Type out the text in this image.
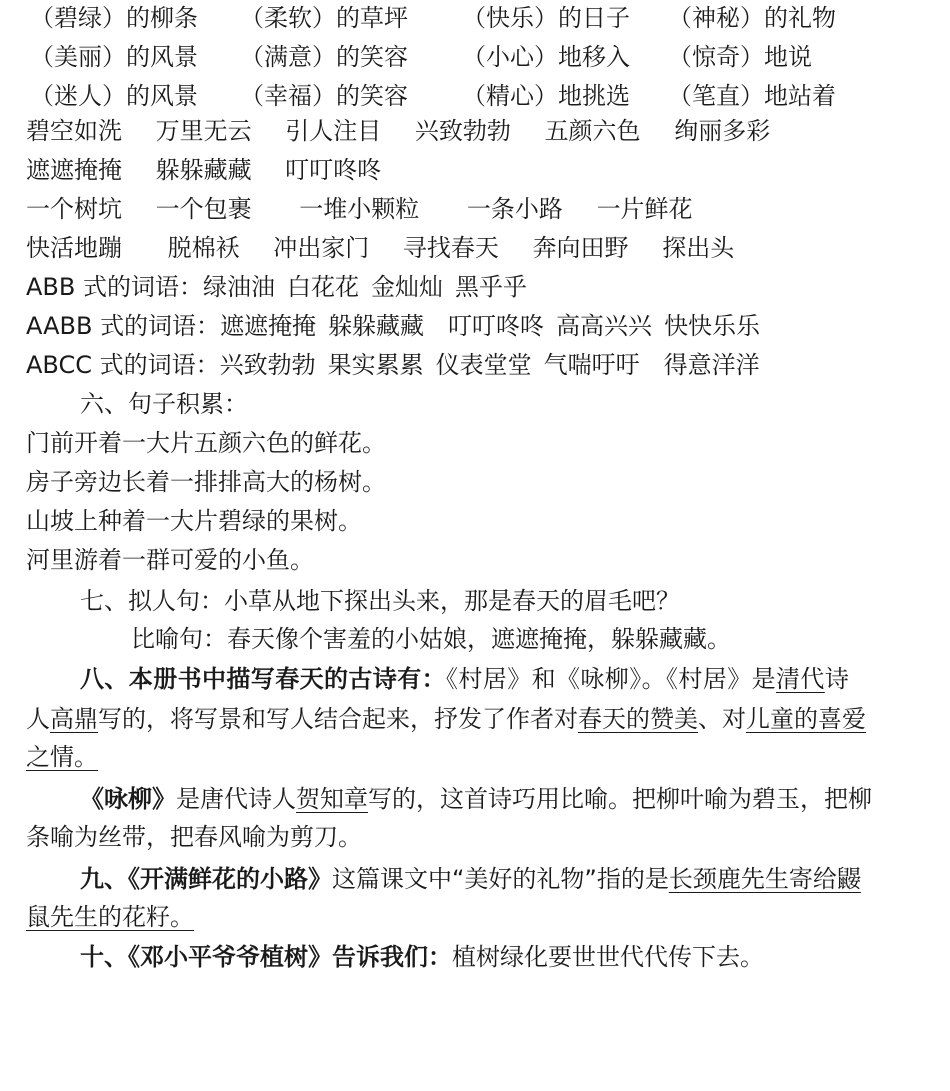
（碧绿）的柳条 （柔软）的草坪 （快乐）的日子 （神秘）的礼物
（美丽）的风景 （满意）的笑容 （小心）地移入 （惊奇）地说
（迷人）的风景 （幸福）的笑容 （精心）地挑选 （笔直）地站着
碧空如洗 万里无云 引人注目 兴致勃勃 五颜六色 绚丽多彩
遮遮掩掩 躲躲藏藏 叮叮咚咚
一个树坑 一个包裹 一堆小颗粒 一条小路 一片鲜花
快活地蹦 脱棉袄 冲出家门 寻找春天 奔向田野 探出头
ABB 式的词语：绿油油 白花花 金灿灿 黑乎乎
AABB 式的词语：遮遮掩掩 躲躲藏藏 叮叮咚咚 高高兴兴 快快乐乐
ABCC 式的词语：兴致勃勃 果实累累 仪表堂堂 气喘吁吁 得意洋洋
六、句子积累：
门前开着一大片五颜六色的鲜花。
房子旁边长着一排排高大的杨树。
山坡上种着一大片碧绿的果树。
河里游着一群可爱的小鱼。
七、拟人句：小草从地下探出头来，那是春天的眉毛吧？
比喻句：春天像个害羞的小姑娘，遮遮掩掩，躲躲藏藏。
八、本册书中描写春天的古诗有：《村居》和《咏柳》。《村居》是清代诗
人高鼎写的，将写景和写人结合起来，抒发了作者对春天的赞美、对儿童的喜爱
之情。
《咏柳》是唐代诗人贺知章写的，这首诗巧用比喻。把柳叶喻为碧玉，把柳
条喻为丝带，把春风喻为剪刀。
九、《开满鲜花的小路》这篇课文中“美好的礼物”指的是长颈鹿先生寄给鼹
鼠先生的花籽。
十、《邓小平爷爷植树》告诉我们：植树绿化要世世代代传下去。
